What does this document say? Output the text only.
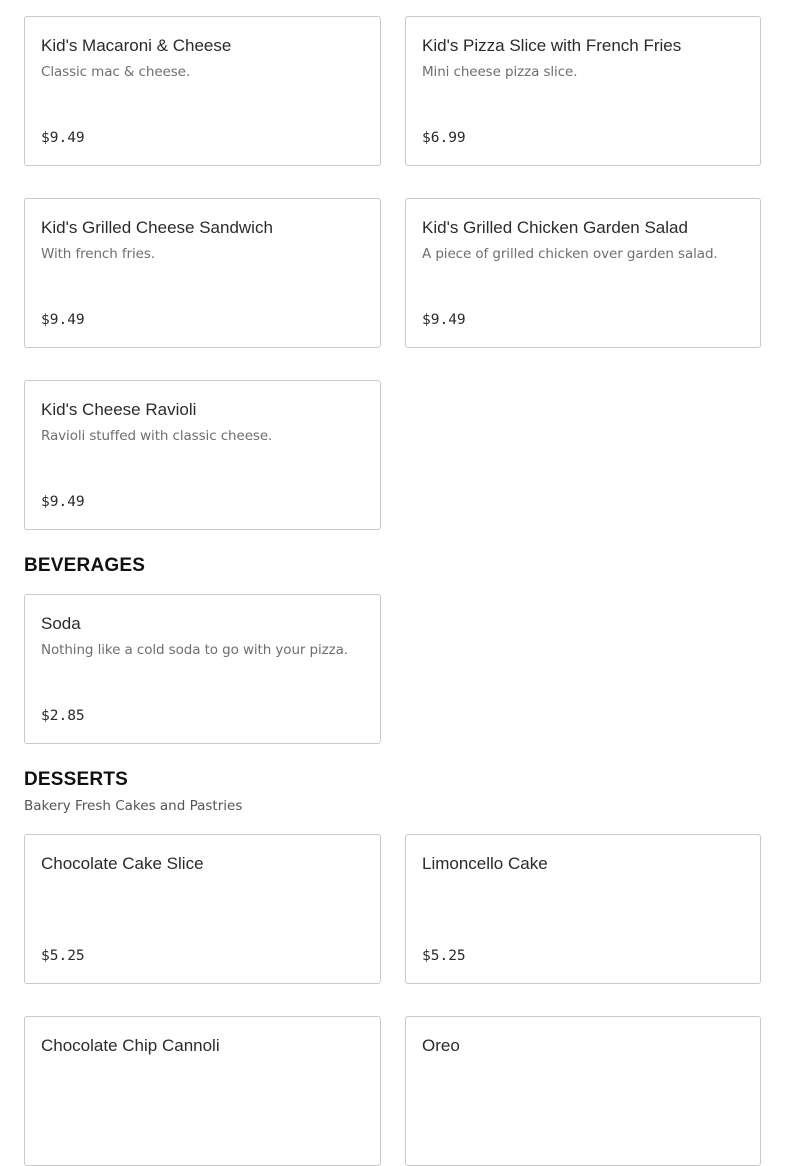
Kid's Macaroni & Cheese
Classic mac & cheese.
$9.49
Kid's Pizza Slice with French Fries
Mini cheese pizza slice.
$6.99
Kid's Grilled Cheese Sandwich
With french fries.
$9.49
Kid's Grilled Chicken Garden Salad
A piece of grilled chicken over garden salad.
$9.49
Kid's Cheese Ravioli
Ravioli stuffed with classic cheese.
$9.49
BEVERAGES
Soda
Nothing like a cold soda to go with your pizza.
$2.85
DESSERTS
Bakery Fresh Cakes and Pastries
Chocolate Cake Slice
$5.25
Limoncello Cake
$5.25
Chocolate Chip Cannoli	Oreo
